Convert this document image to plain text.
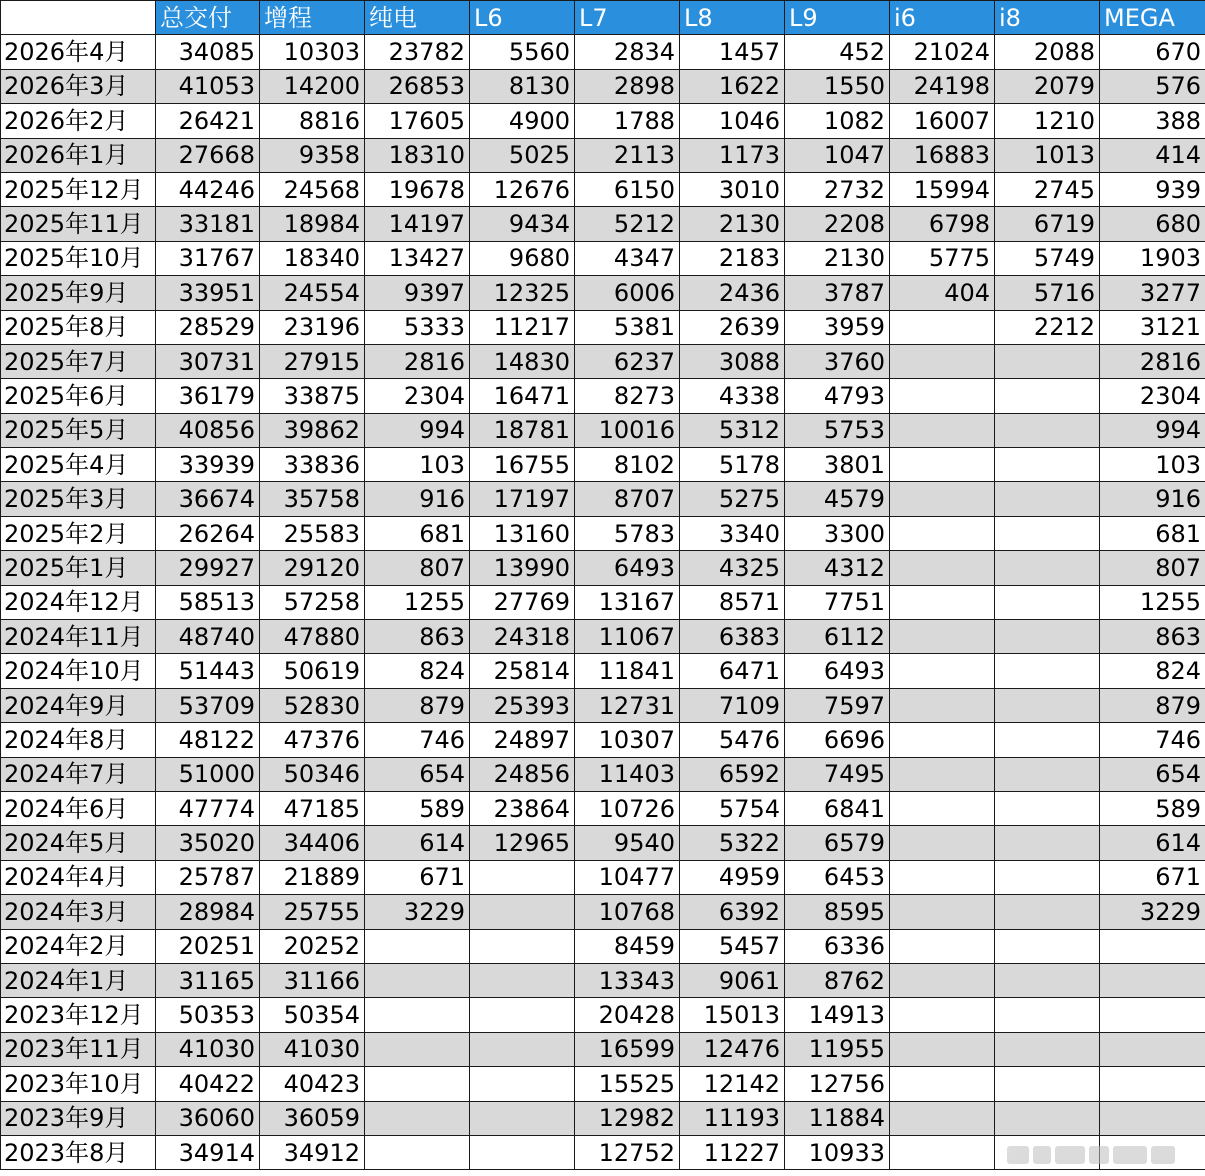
	总交付	增程	纯电	L6	L7	L8	L9	i6	i8	MEGA
2026年4月	34085	10303	23782	5560	2834	1457	452	21024	2088	670
2026年3月	41053	14200	26853	8130	2898	1622	1550	24198	2079	576
2026年2月	26421	8816	17605	4900	1788	1046	1082	16007	1210	388
2026年1月	27668	9358	18310	5025	2113	1173	1047	16883	1013	414
2025年12月	44246	24568	19678	12676	6150	3010	2732	15994	2745	939
2025年11月	33181	18984	14197	9434	5212	2130	2208	6798	6719	680
2025年10月	31767	18340	13427	9680	4347	2183	2130	5775	5749	1903
2025年9月	33951	24554	9397	12325	6006	2436	3787	404	5716	3277
2025年8月	28529	23196	5333	11217	5381	2639	3959		2212	3121
2025年7月	30731	27915	2816	14830	6237	3088	3760			2816
2025年6月	36179	33875	2304	16471	8273	4338	4793			2304
2025年5月	40856	39862	994	18781	10016	5312	5753			994
2025年4月	33939	33836	103	16755	8102	5178	3801			103
2025年3月	36674	35758	916	17197	8707	5275	4579			916
2025年2月	26264	25583	681	13160	5783	3340	3300			681
2025年1月	29927	29120	807	13990	6493	4325	4312			807
2024年12月	58513	57258	1255	27769	13167	8571	7751			1255
2024年11月	48740	47880	863	24318	11067	6383	6112			863
2024年10月	51443	50619	824	25814	11841	6471	6493			824
2024年9月	53709	52830	879	25393	12731	7109	7597			879
2024年8月	48122	47376	746	24897	10307	5476	6696			746
2024年7月	51000	50346	654	24856	11403	6592	7495			654
2024年6月	47774	47185	589	23864	10726	5754	6841			589
2024年5月	35020	34406	614	12965	9540	5322	6579			614
2024年4月	25787	21889	671		10477	4959	6453			671
2024年3月	28984	25755	3229		10768	6392	8595			3229
2024年2月	20251	20252			8459	5457	6336			
2024年1月	31165	31166			13343	9061	8762			
2023年12月	50353	50354			20428	15013	14913			
2023年11月	41030	41030			16599	12476	11955			
2023年10月	40422	40423			15525	12142	12756			
2023年9月	36060	36059			12982	11193	11884			
2023年8月	34914	34912			12752	11227	10933			
